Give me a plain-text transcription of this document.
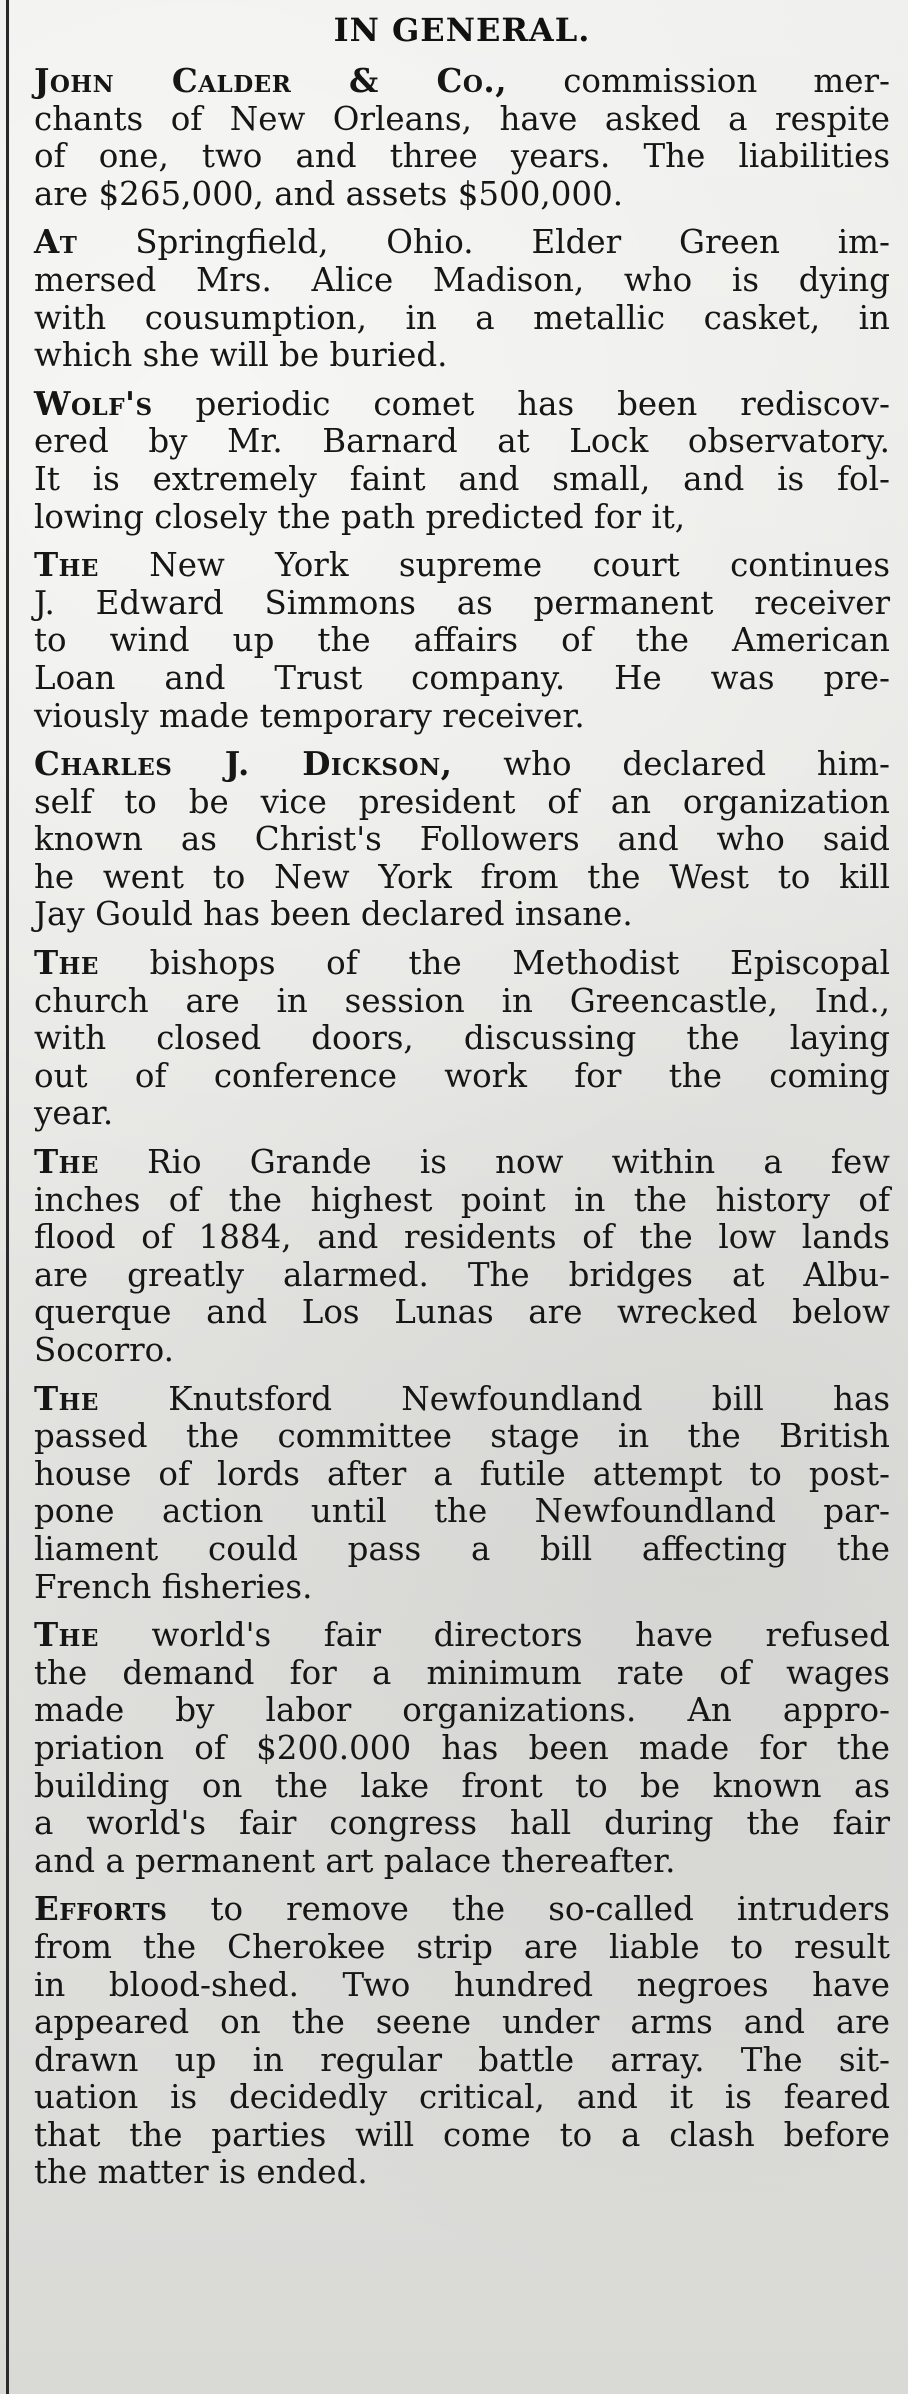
IN GENERAL.

John Calder & Co., commission mer-
chants of New Orleans, have asked a respite
of one, two and three years. The liabilities
are $265,000, and assets $500,000.

At Springfield, Ohio. Elder Green im-
mersed Mrs. Alice Madison, who is dying
with cousumption, in a metallic casket, in
which she will be buried.

Wolf's periodic comet has been rediscov-
ered by Mr. Barnard at Lock observatory.
It is extremely faint and small, and is fol-
lowing closely the path predicted for it,

The New York supreme court continues
J. Edward Simmons as permanent receiver
to wind up the affairs of the American
Loan and Trust company. He was pre-
viously made temporary receiver.

Charles J. Dickson, who declared him-
self to be vice president of an organization
known as Christ's Followers and who said
he went to New York from the West to kill
Jay Gould has been declared insane.

The bishops of the Methodist Episcopal
church are in session in Greencastle, Ind.,
with closed doors, discussing the laying
out of conference work for the coming
year.

The Rio Grande is now within a few
inches of the highest point in the history of
flood of 1884, and residents of the low lands
are greatly alarmed. The bridges at Albu-
querque and Los Lunas are wrecked below
Socorro.

The Knutsford Newfoundland bill has
passed the committee stage in the British
house of lords after a futile attempt to post-
pone action until the Newfoundland par-
liament could pass a bill affecting the
French fisheries.

The world's fair directors have refused
the demand for a minimum rate of wages
made by labor organizations. An appro-
priation of $200.000 has been made for the
building on the lake front to be known as
a world's fair congress hall during the fair
and a permanent art palace thereafter.

Efforts to remove the so-called intruders
from the Cherokee strip are liable to result
in blood-shed. Two hundred negroes have
appeared on the seene under arms and are
drawn up in regular battle array. The sit-
uation is decidedly critical, and it is feared
that the parties will come to a clash before
the matter is ended.
